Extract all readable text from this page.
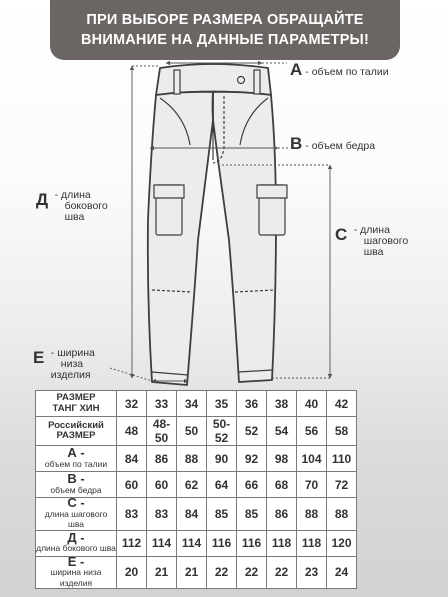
ПРИ ВЫБОРЕ РАЗМЕРА ОБРАЩАЙТЕ
ВНИМАНИЕ НА ДАННЫЕ ПАРАМЕТРЫ!
А - объем по талии
В - объем бедра
С - длина
шагового
шва
Д - длина
бокового
шва
Е - ширина
низа
изделия
РАЗМЕР
ТАНГ ХИН	32	33	34	35	36	38	40	42

Российский
РАЗМЕР	48	48-50	50	50-52	52	54	56	58

А -
объем по талии	84	86	88	90	92	98	104	110

В -
объем бедра	60	60	62	64	66	68	70	72

С -
длина шагового шва	83	83	84	85	85	86	88	88

Д -
длина бокового шва	112	114	114	116	116	118	118	120

Е -
ширина низа изделия	20	21	21	22	22	22	23	24
